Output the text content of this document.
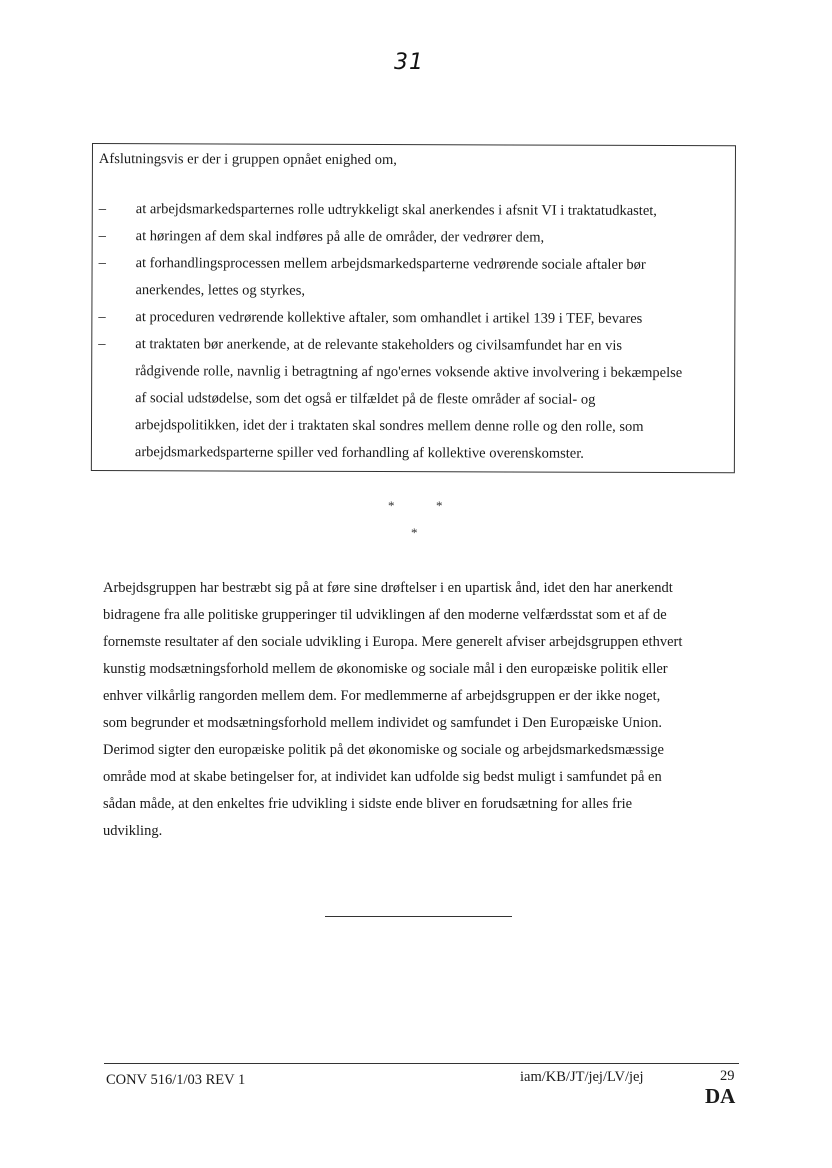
31
Afslutningsvis er der i gruppen opnået enighed om,
– at arbejdsmarkedsparternes rolle udtrykkeligt skal anerkendes i afsnit VI i traktatudkastet,
– at høringen af dem skal indføres på alle de områder, der vedrører dem,
– at forhandlingsprocessen mellem arbejdsmarkedsparterne vedrørende sociale aftaler bør
anerkendes, lettes og styrkes,
– at proceduren vedrørende kollektive aftaler, som omhandlet i artikel 139 i TEF, bevares
– at traktaten bør anerkende, at de relevante stakeholders og civilsamfundet har en vis
rådgivende rolle, navnlig i betragtning af ngo'ernes voksende aktive involvering i bekæmpelse
af social udstødelse, som det også er tilfældet på de fleste områder af social- og
arbejdspolitikken, idet der i traktaten skal sondres mellem denne rolle og den rolle, som
arbejdsmarkedsparterne spiller ved forhandling af kollektive overenskomster.
*	*
*
Arbejdsgruppen har bestræbt sig på at føre sine drøftelser i en upartisk ånd, idet den har anerkendt
bidragene fra alle politiske grupperinger til udviklingen af den moderne velfærdsstat som et af de
fornemste resultater af den sociale udvikling i Europa. Mere generelt afviser arbejdsgruppen ethvert
kunstig modsætningsforhold mellem de økonomiske og sociale mål i den europæiske politik eller
enhver vilkårlig rangorden mellem dem. For medlemmerne af arbejdsgruppen er der ikke noget,
som begrunder et modsætningsforhold mellem individet og samfundet i Den Europæiske Union.
Derimod sigter den europæiske politik på det økonomiske og sociale og arbejdsmarkedsmæssige
område mod at skabe betingelser for, at individet kan udfolde sig bedst muligt i samfundet på en
sådan måde, at den enkeltes frie udvikling i sidste ende bliver en forudsætning for alles frie
udvikling.
CONV 516/1/03 REV 1	iam/KB/JT/jej/LV/jej	29
DA
